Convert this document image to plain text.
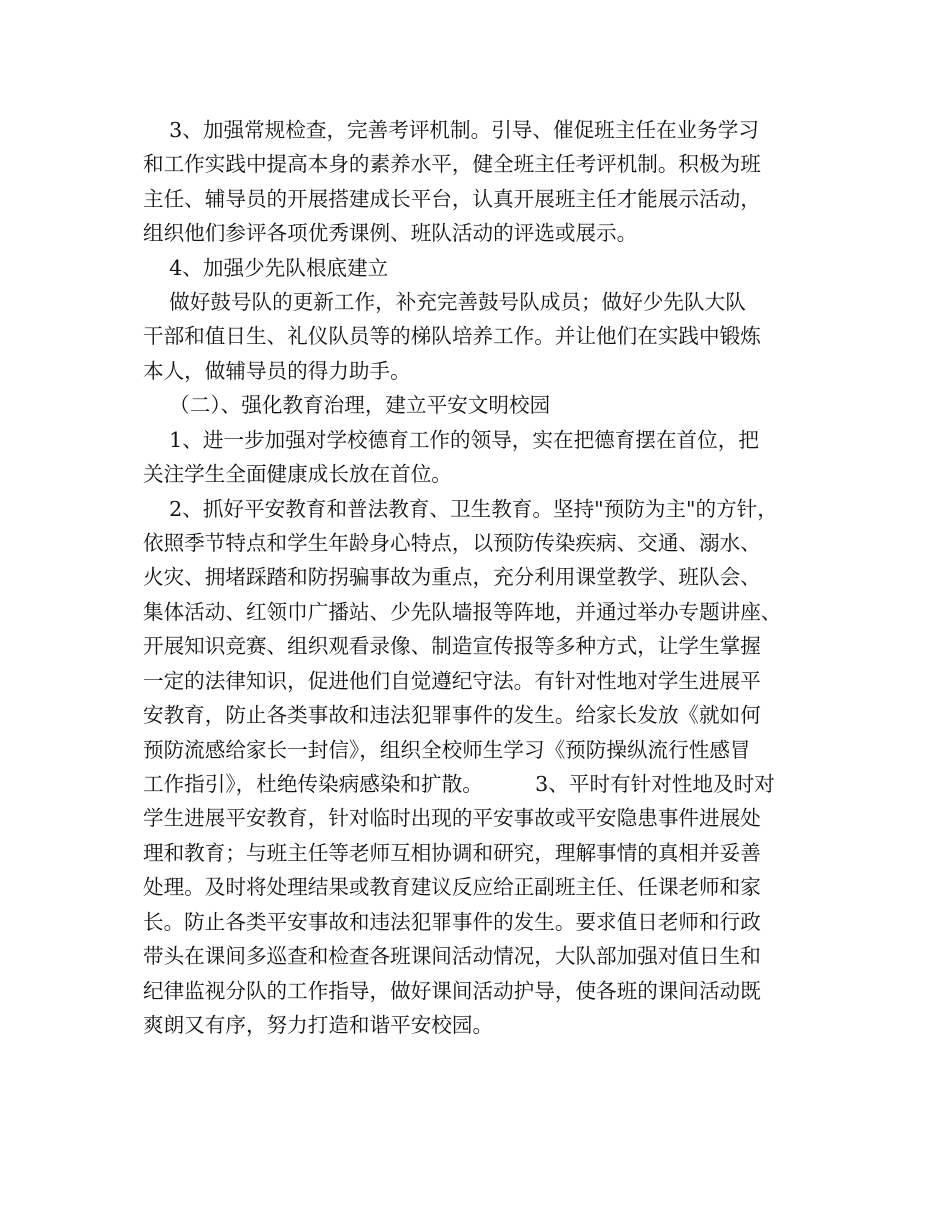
3、加强常规检查，完善考评机制。引导、催促班主任在业务学习
和工作实践中提高本身的素养水平，健全班主任考评机制。积极为班
主任、辅导员的开展搭建成长平台，认真开展班主任才能展示活动，
组织他们参评各项优秀课例、班队活动的评选或展示。
4、加强少先队根底建立
做好鼓号队的更新工作，补充完善鼓号队成员；做好少先队大队
干部和值日生、礼仪队员等的梯队培养工作。并让他们在实践中锻炼
本人，做辅导员的得力助手。
（二）、强化教育治理，建立平安文明校园
1、进一步加强对学校德育工作的领导，实在把德育摆在首位，把
关注学生全面健康成长放在首位。
2、抓好平安教育和普法教育、卫生教育。坚持"预防为主"的方针，
依照季节特点和学生年龄身心特点，以预防传染疾病、交通、溺水、
火灾、拥堵踩踏和防拐骗事故为重点，充分利用课堂教学、班队会、
集体活动、红领巾广播站、少先队墙报等阵地，并通过举办专题讲座、
开展知识竞赛、组织观看录像、制造宣传报等多种方式，让学生掌握
一定的法律知识，促进他们自觉遵纪守法。有针对性地对学生进展平
安教育，防止各类事故和违法犯罪事件的发生。给家长发放《就如何
预防流感给家长一封信》，组织全校师生学习《预防操纵流行性感冒
工作指引》，杜绝传染病感染和扩散。        3、平时有针对性地及时对
学生进展平安教育，针对临时出现的平安事故或平安隐患事件进展处
理和教育；与班主任等老师互相协调和研究，理解事情的真相并妥善
处理。及时将处理结果或教育建议反应给正副班主任、任课老师和家
长。防止各类平安事故和违法犯罪事件的发生。要求值日老师和行政
带头在课间多巡查和检查各班课间活动情况，大队部加强对值日生和
纪律监视分队的工作指导，做好课间活动护导，使各班的课间活动既
爽朗又有序，努力打造和谐平安校园。
